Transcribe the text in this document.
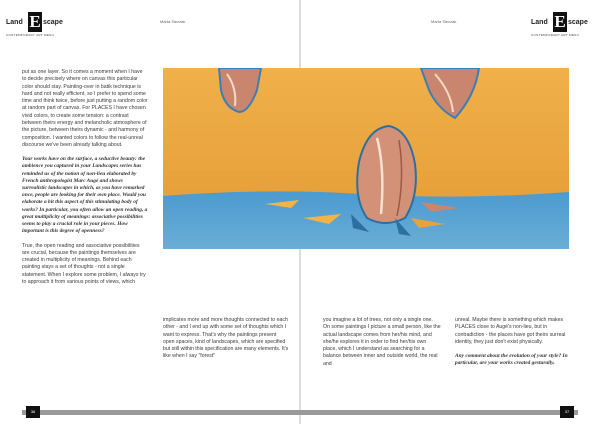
Land E scape
CONTEMPORARY ART MENU
Marta Sleczak	Marta Sleczak	Land E scape
CONTEMPORARY ART MENU

put as one layer. So it comes a moment when I have to decide precisely where on canvas this particular color should stay. Painting-over in batik technique is hard and not really efficient, so I prefer to spend some time and think twice, before just putting a random color at random part of canvas. For PLACES I have chosen vivid colors, to create some tension: a contrast between theirs energy and melancholic atmosphere of the picture, between theirs dynamic - and harmony of composition. I wanted colors to follow the real-unreal discourse we've been already talking about.

Your works have on the surface, a seductive beauty: the ambience you captured in your Landscapes series has reminded us of the notion of non-lieu elaborated by French anthropologist Marc Augé and shows surrealistic landscapes in which, as you have remarked once, people are looking for their own place. Would you elaborate a bit this aspect of this stimulating body of works? In particular, you often allow an open reading, a great multiplicity of meanings: associative possibilities seems to play a crucial role in your pieces. How important is this degree of openness?

True, the open reading and associative possibilities are crucial, because the paintings themselves are created in multiplicity of meanings. Behind each painting stays a set of thoughts - not a single statement. When I explore some problem, I always try to approach it from various points of views, which

implicates more and more thoughts connected to each other - and I end up with some set of thoughts which I want to express. That's why the paintings present open spaces, kind of landscapes, which are specified but still within this specification are many elements. It's like when I say "forest"

you imagine a lot of trees, not only a single one. On some paintings I picture a small person, like the actual landscape comes from her/his mind, and she/he explores it in order to find her/his own place, which I understand as searching for a balance between inner and outside world, the real and

unreal. Maybe there is something which makes PLACES close to Augé's non-lieu, but in contradiction - the places have got theirs surreal identity, they just don't exist physically.

Any comment about the evolution of your style? In particular, are your works created gesturally,

36	37
